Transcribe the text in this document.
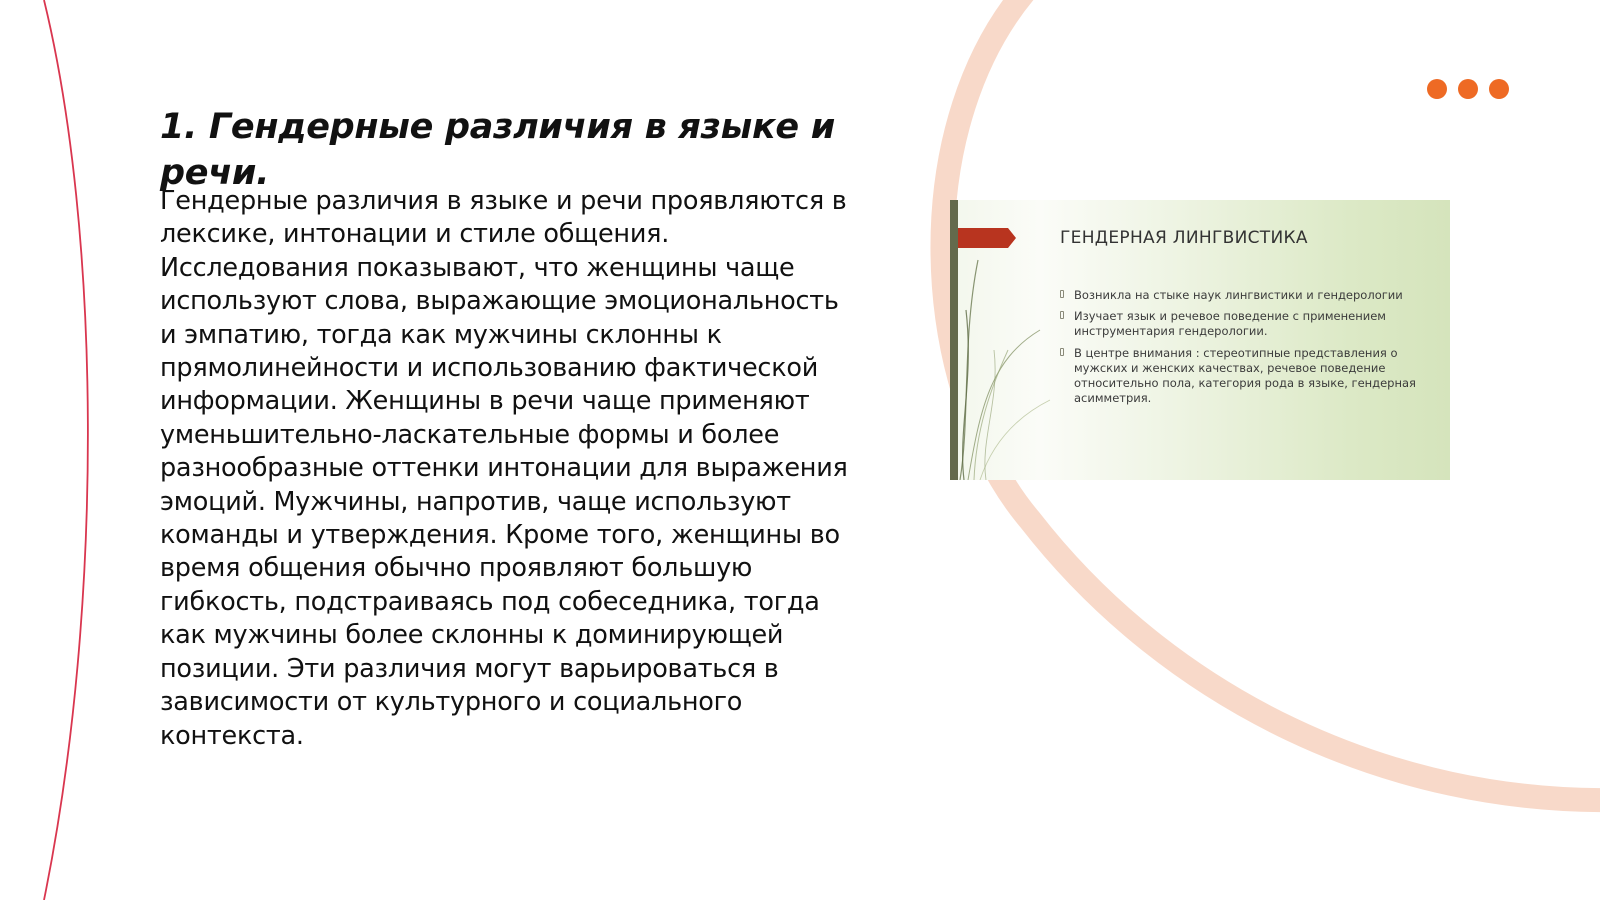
1. Гендерные различия в языке и речи.

Гендерные различия в языке и речи проявляются в лексике, интонации и стиле общения. Исследования показывают, что женщины чаще используют слова, выражающие эмоциональность и эмпатию, тогда как мужчины склонны к прямолинейности и использованию фактической информации. Женщины в речи чаще применяют уменьшительно-ласкательные формы и более разнообразные оттенки интонации для выражения эмоций. Мужчины, напротив, чаще используют команды и утверждения. Кроме того, женщины во время общения обычно проявляют большую гибкость, подстраиваясь под собеседника, тогда как мужчины более склонны к доминирующей позиции. Эти различия могут варьироваться в зависимости от культурного и социального контекста.

ГЕНДЕРНАЯ ЛИНГВИСТИКА
Возникла на стыке наук лингвистики и гендерологии
Изучает язык и речевое поведение с применением инструментария гендерологии.
В центре внимания : стереотипные представления о мужских и женских качествах, речевое поведение относительно пола, категория рода в языке, гендерная асимметрия.
